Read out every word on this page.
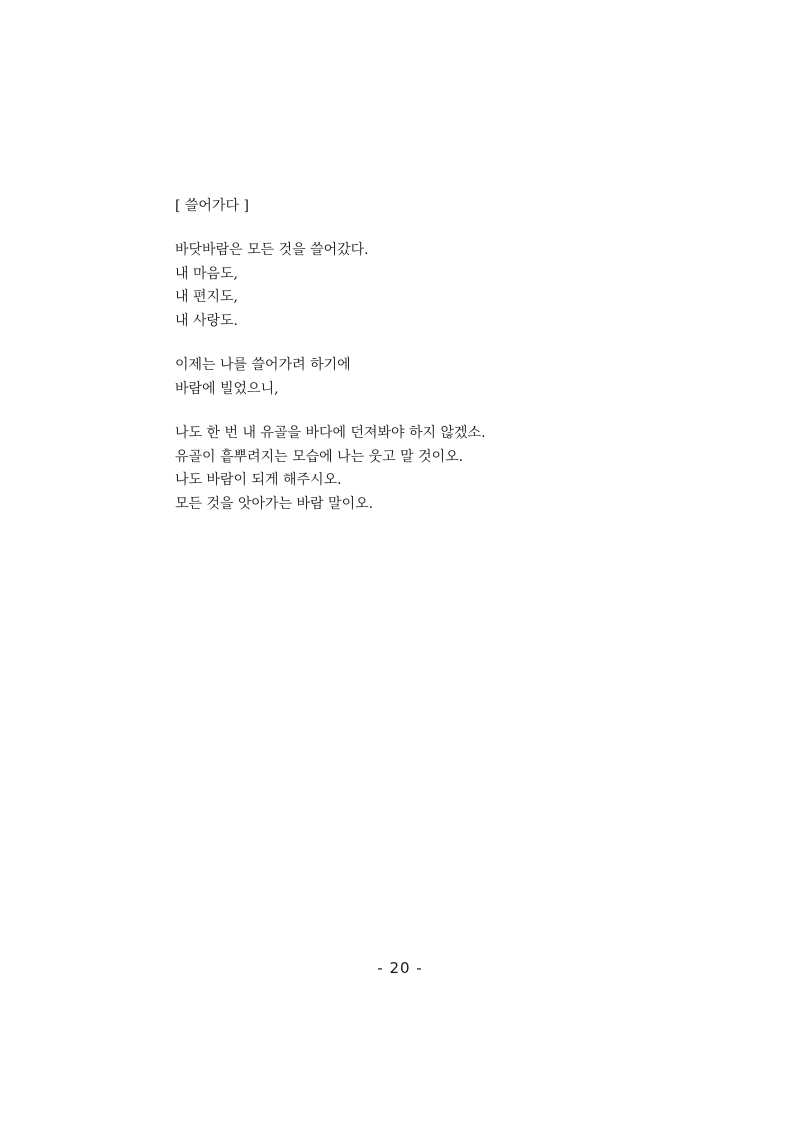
[ 쓸어가다 ]
바닷바람은 모든 것을 쓸어갔다.
내 마음도,
내 편지도,
내 사랑도.
이제는 나를 쓸어가려 하기에
바람에 빌었으니,
나도 한 번 내 유골을 바다에 던져봐야 하지 않겠소.
유골이 흩뿌려지는 모습에 나는 웃고 말 것이오.
나도 바람이 되게 해주시오.
모든 것을 앗아가는 바람 말이오.
- 20 -
